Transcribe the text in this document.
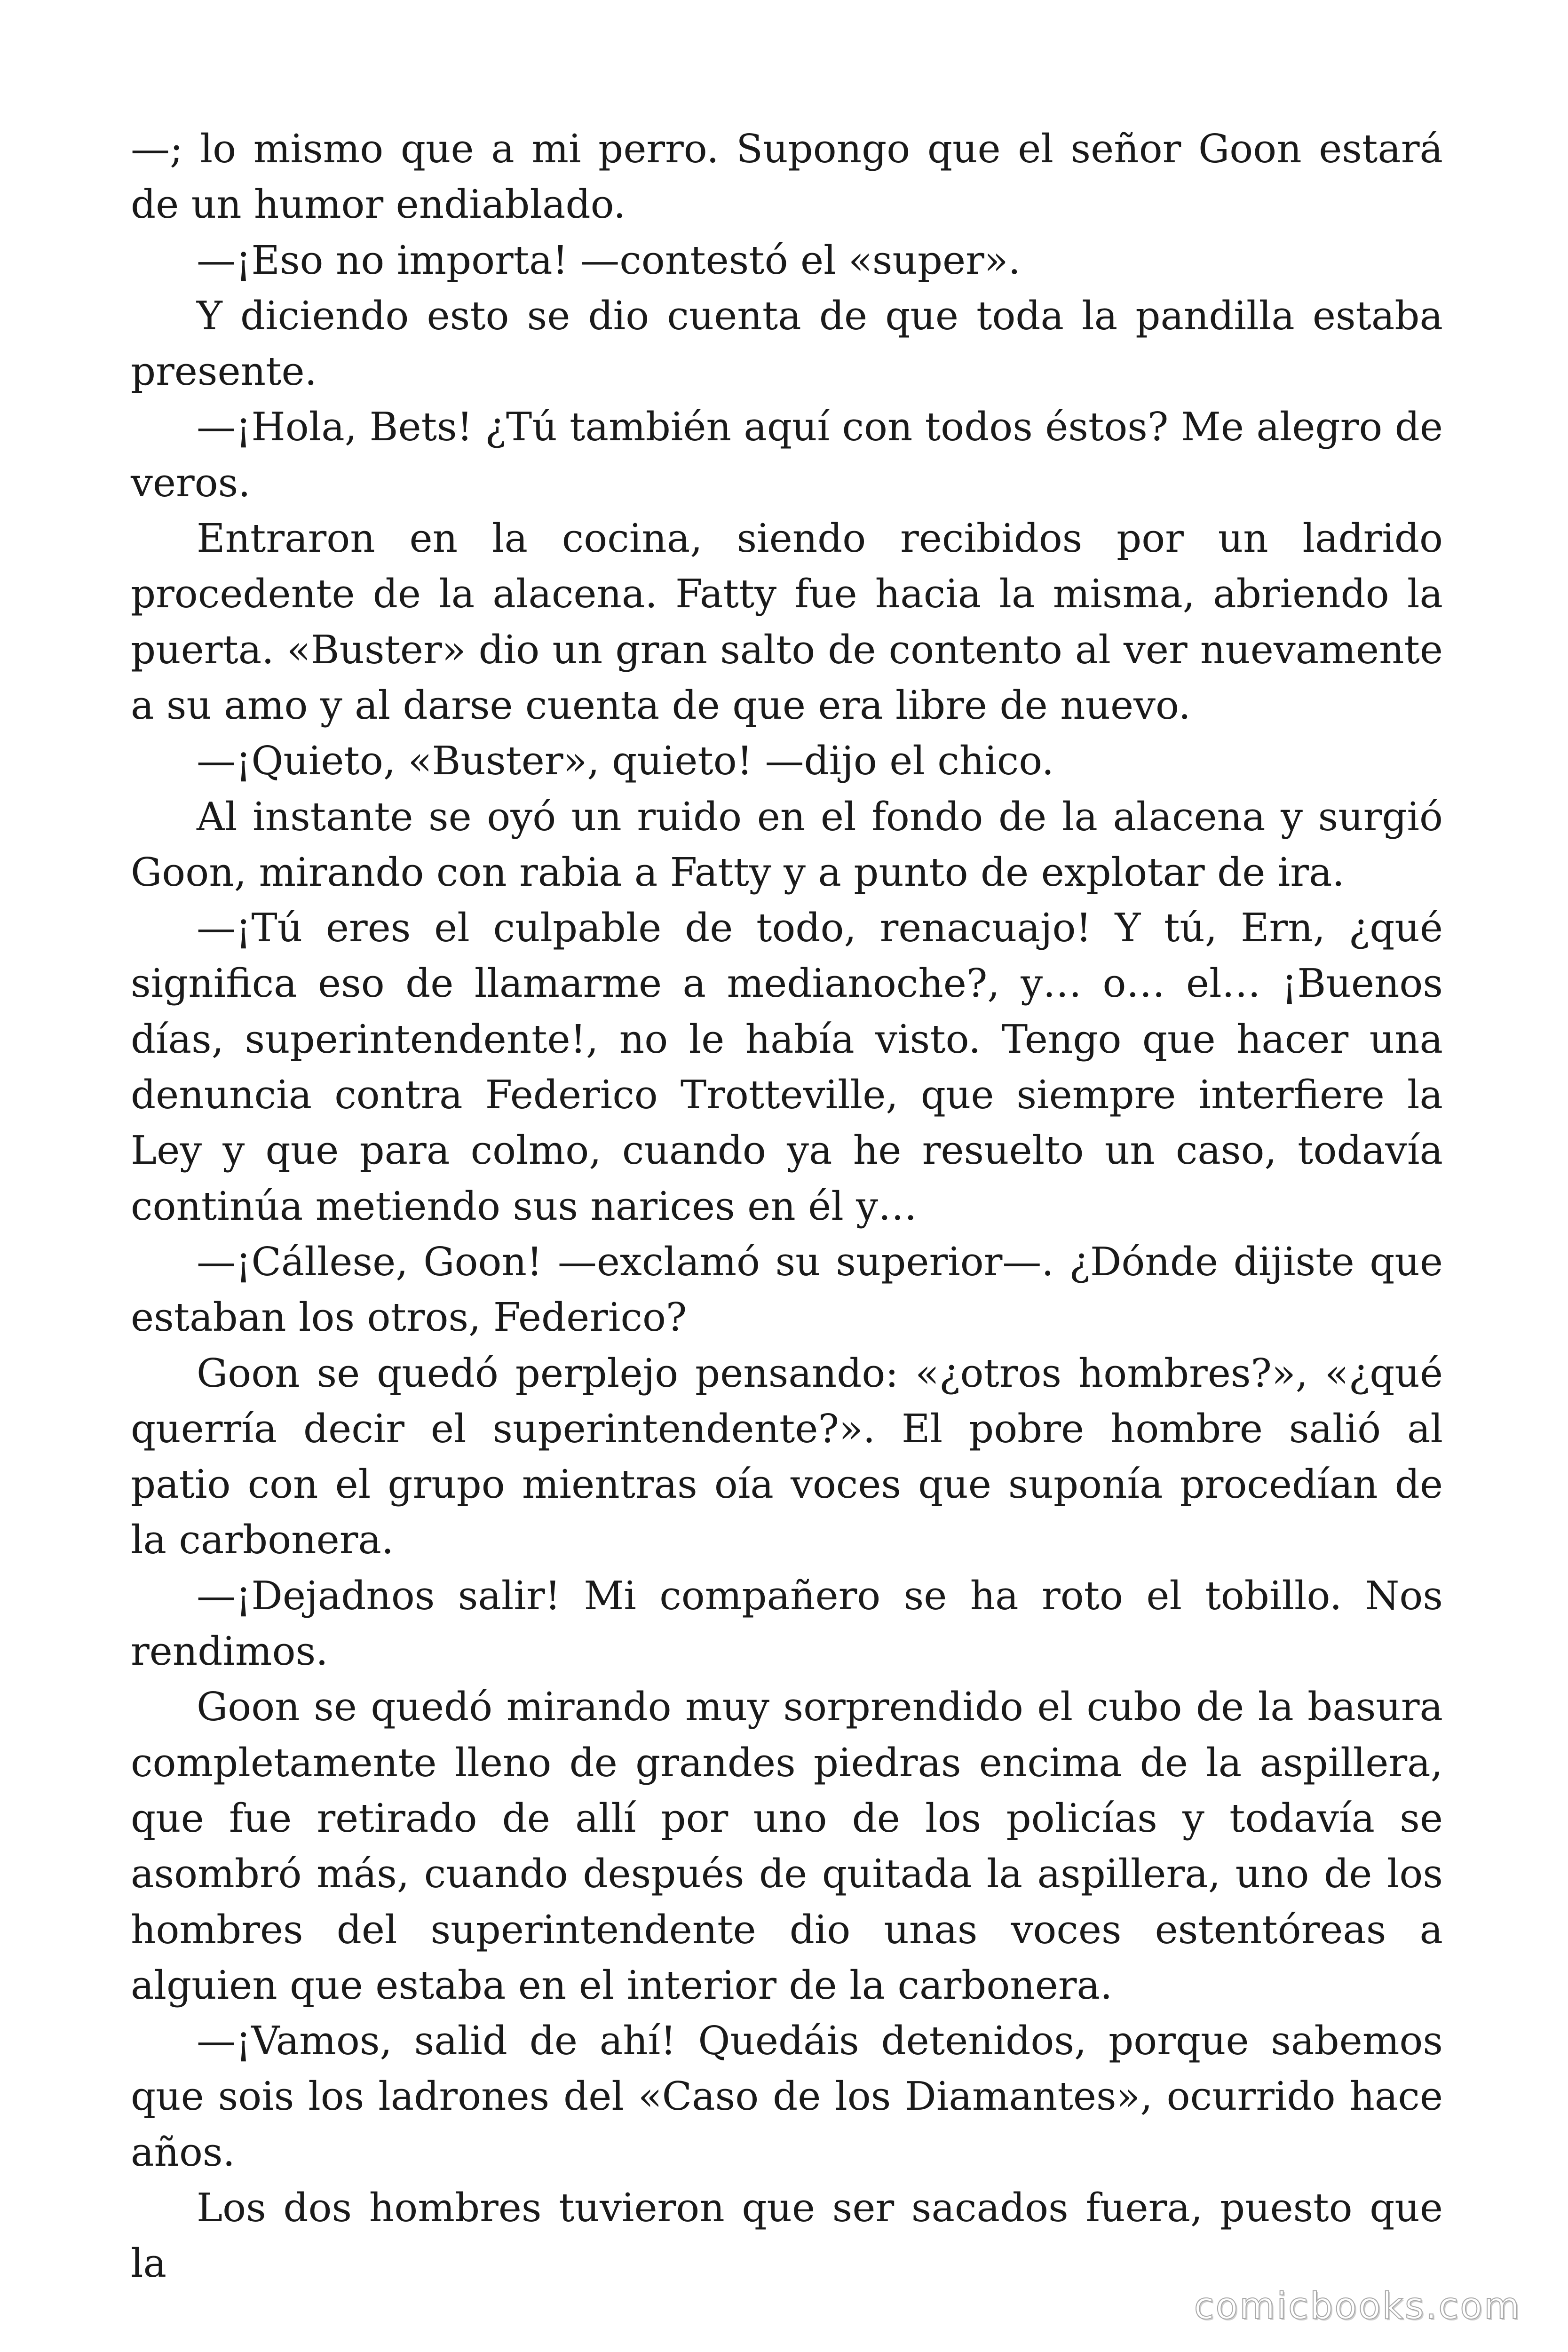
—; lo mismo que a mi perro. Supongo que el señor Goon estará de un humor endiablado.

—¡Eso no importa! —contestó el «super».

Y diciendo esto se dio cuenta de que toda la pandilla estaba presente.

—¡Hola, Bets! ¿Tú también aquí con todos éstos? Me alegro de veros.

Entraron en la cocina, siendo recibidos por un ladrido procedente de la alacena. Fatty fue hacia la misma, abriendo la puerta. «Buster» dio un gran salto de contento al ver nuevamente a su amo y al darse cuenta de que era libre de nuevo.

—¡Quieto, «Buster», quieto! —dijo el chico.

Al instante se oyó un ruido en el fondo de la alacena y surgió Goon, mirando con rabia a Fatty y a punto de explotar de ira.

—¡Tú eres el culpable de todo, renacuajo! Y tú, Ern, ¿qué significa eso de llamarme a medianoche?, y… o… el… ¡Buenos días, superintendente!, no le había visto. Tengo que hacer una denuncia contra Federico Trotteville, que siempre interfiere la Ley y que para colmo, cuando ya he resuelto un caso, todavía continúa metiendo sus narices en él y…

—¡Cállese, Goon! —exclamó su superior—. ¿Dónde dijiste que estaban los otros, Federico?

Goon se quedó perplejo pensando: «¿otros hombres?», «¿qué querría decir el superintendente?». El pobre hombre salió al patio con el grupo mientras oía voces que suponía procedían de la carbonera.

—¡Dejadnos salir! Mi compañero se ha roto el tobillo. Nos rendimos.

Goon se quedó mirando muy sorprendido el cubo de la basura completamente lleno de grandes piedras encima de la aspillera, que fue retirado de allí por uno de los policías y todavía se asombró más, cuando después de quitada la aspillera, uno de los hombres del superintendente dio unas voces estentóreas a alguien que estaba en el interior de la carbonera.

—¡Vamos, salid de ahí! Quedáis detenidos, porque sabemos que sois los ladrones del «Caso de los Diamantes», ocurrido hace años.

Los dos hombres tuvieron que ser sacados fuera, puesto que la

comicbooks.com
